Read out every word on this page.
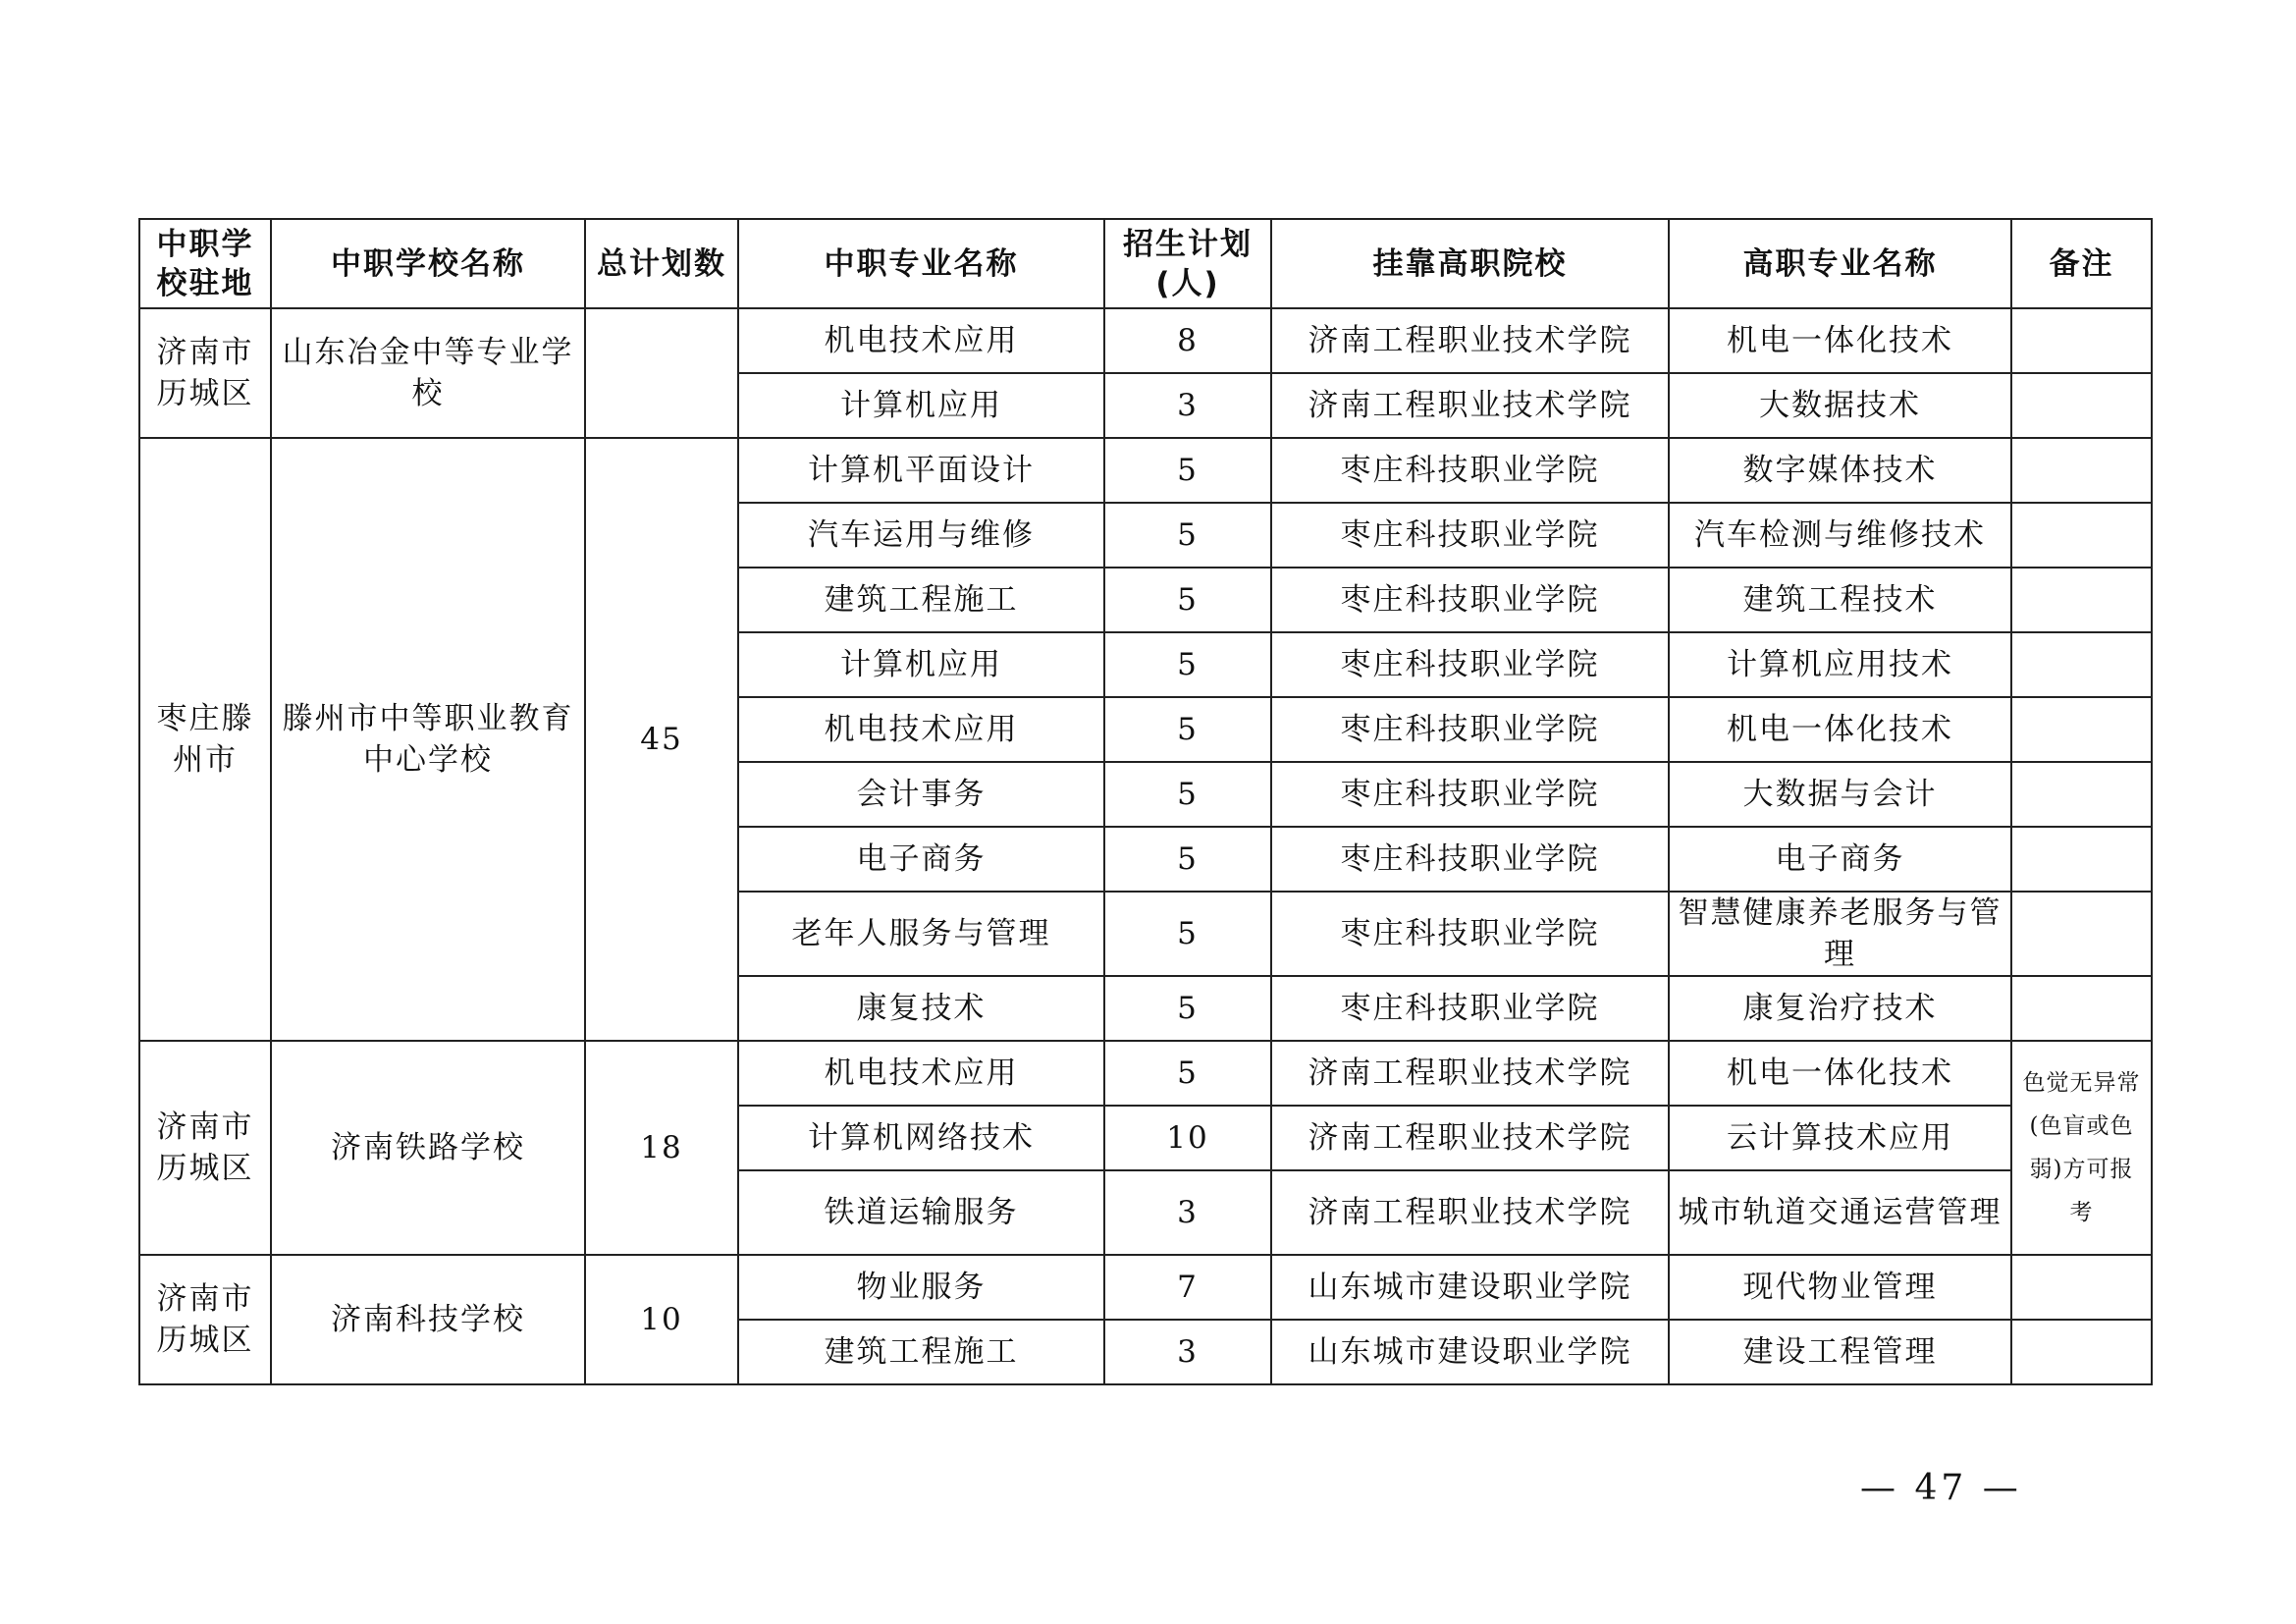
中职学校驻地	中职学校名称	总计划数	中职专业名称	招生计划(人)	挂靠高职院校	高职专业名称	备注
济南市历城区	山东冶金中等专业学校		机电技术应用	8	济南工程职业技术学院	机电一体化技术	
			计算机应用	3	济南工程职业技术学院	大数据技术	
枣庄滕州市	滕州市中等职业教育中心学校	45	计算机平面设计	5	枣庄科技职业学院	数字媒体技术	
			汽车运用与维修	5	枣庄科技职业学院	汽车检测与维修技术	
			建筑工程施工	5	枣庄科技职业学院	建筑工程技术	
			计算机应用	5	枣庄科技职业学院	计算机应用技术	
			机电技术应用	5	枣庄科技职业学院	机电一体化技术	
			会计事务	5	枣庄科技职业学院	大数据与会计	
			电子商务	5	枣庄科技职业学院	电子商务	
			老年人服务与管理	5	枣庄科技职业学院	智慧健康养老服务与管理	
			康复技术	5	枣庄科技职业学院	康复治疗技术	
济南市历城区	济南铁路学校	18	机电技术应用	5	济南工程职业技术学院	机电一体化技术	色觉无异常(色盲或色弱)方可报考
			计算机网络技术	10	济南工程职业技术学院	云计算技术应用	
			铁道运输服务	3	济南工程职业技术学院	城市轨道交通运营管理	
济南市历城区	济南科技学校	10	物业服务	7	山东城市建设职业学院	现代物业管理	
			建筑工程施工	3	山东城市建设职业学院	建设工程管理	
— 47 —
